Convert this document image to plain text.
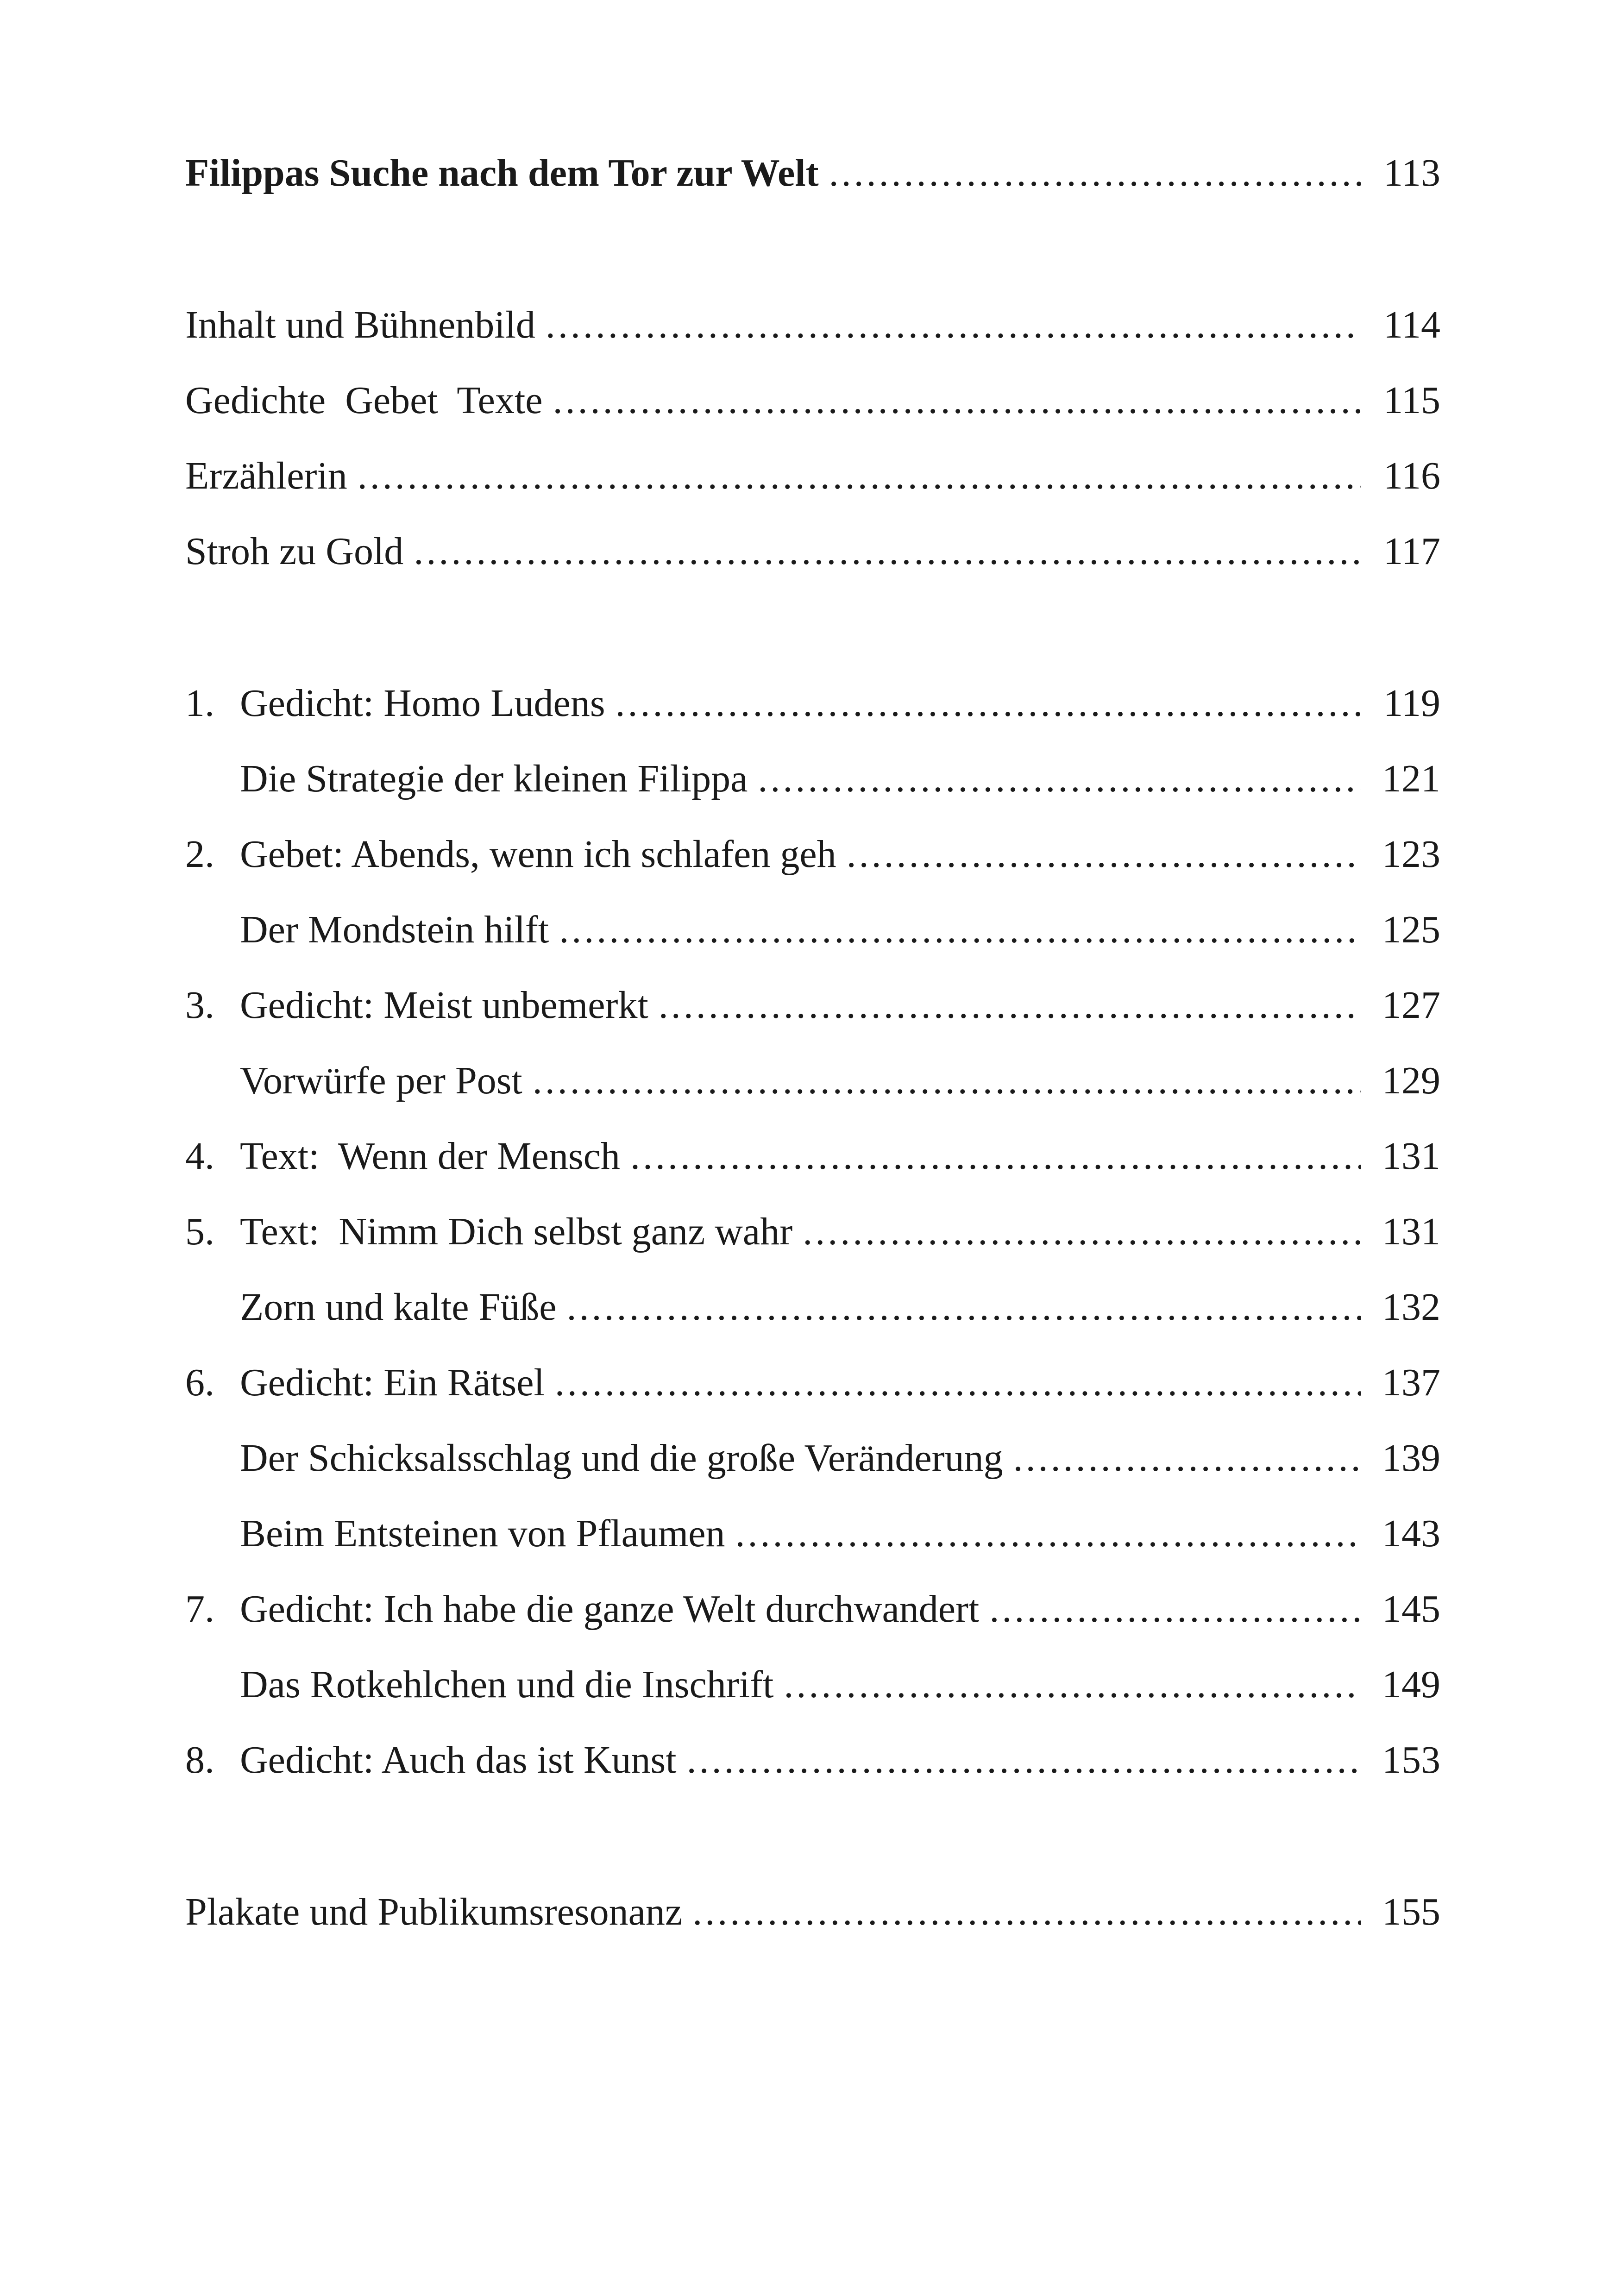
Filippas Suche nach dem Tor zur Welt .....	113
Inhalt und Bühnenbild .....	114
Gedichte  Gebet  Texte .....	115
Erzählerin .....	116
Stroh zu Gold .....	117
1. Gedicht: Homo Ludens .....	119
Die Strategie der kleinen Filippa .....	121
2. Gebet: Abends, wenn ich schlafen geh .....	123
Der Mondstein hilft .....	125
3. Gedicht: Meist unbemerkt .....	127
Vorwürfe per Post .....	129
4. Text:  Wenn der Mensch .....	131
5. Text:  Nimm Dich selbst ganz wahr .....	131
Zorn und kalte Füße .....	132
6. Gedicht: Ein Rätsel .....	137
Der Schicksalsschlag und die große Veränderung .....	139
Beim Entsteinen von Pflaumen .....	143
7. Gedicht: Ich habe die ganze Welt durchwandert .....	145
Das Rotkehlchen und die Inschrift .....	149
8. Gedicht: Auch das ist Kunst .....	153
Plakate und Publikumsresonanz .....	155
